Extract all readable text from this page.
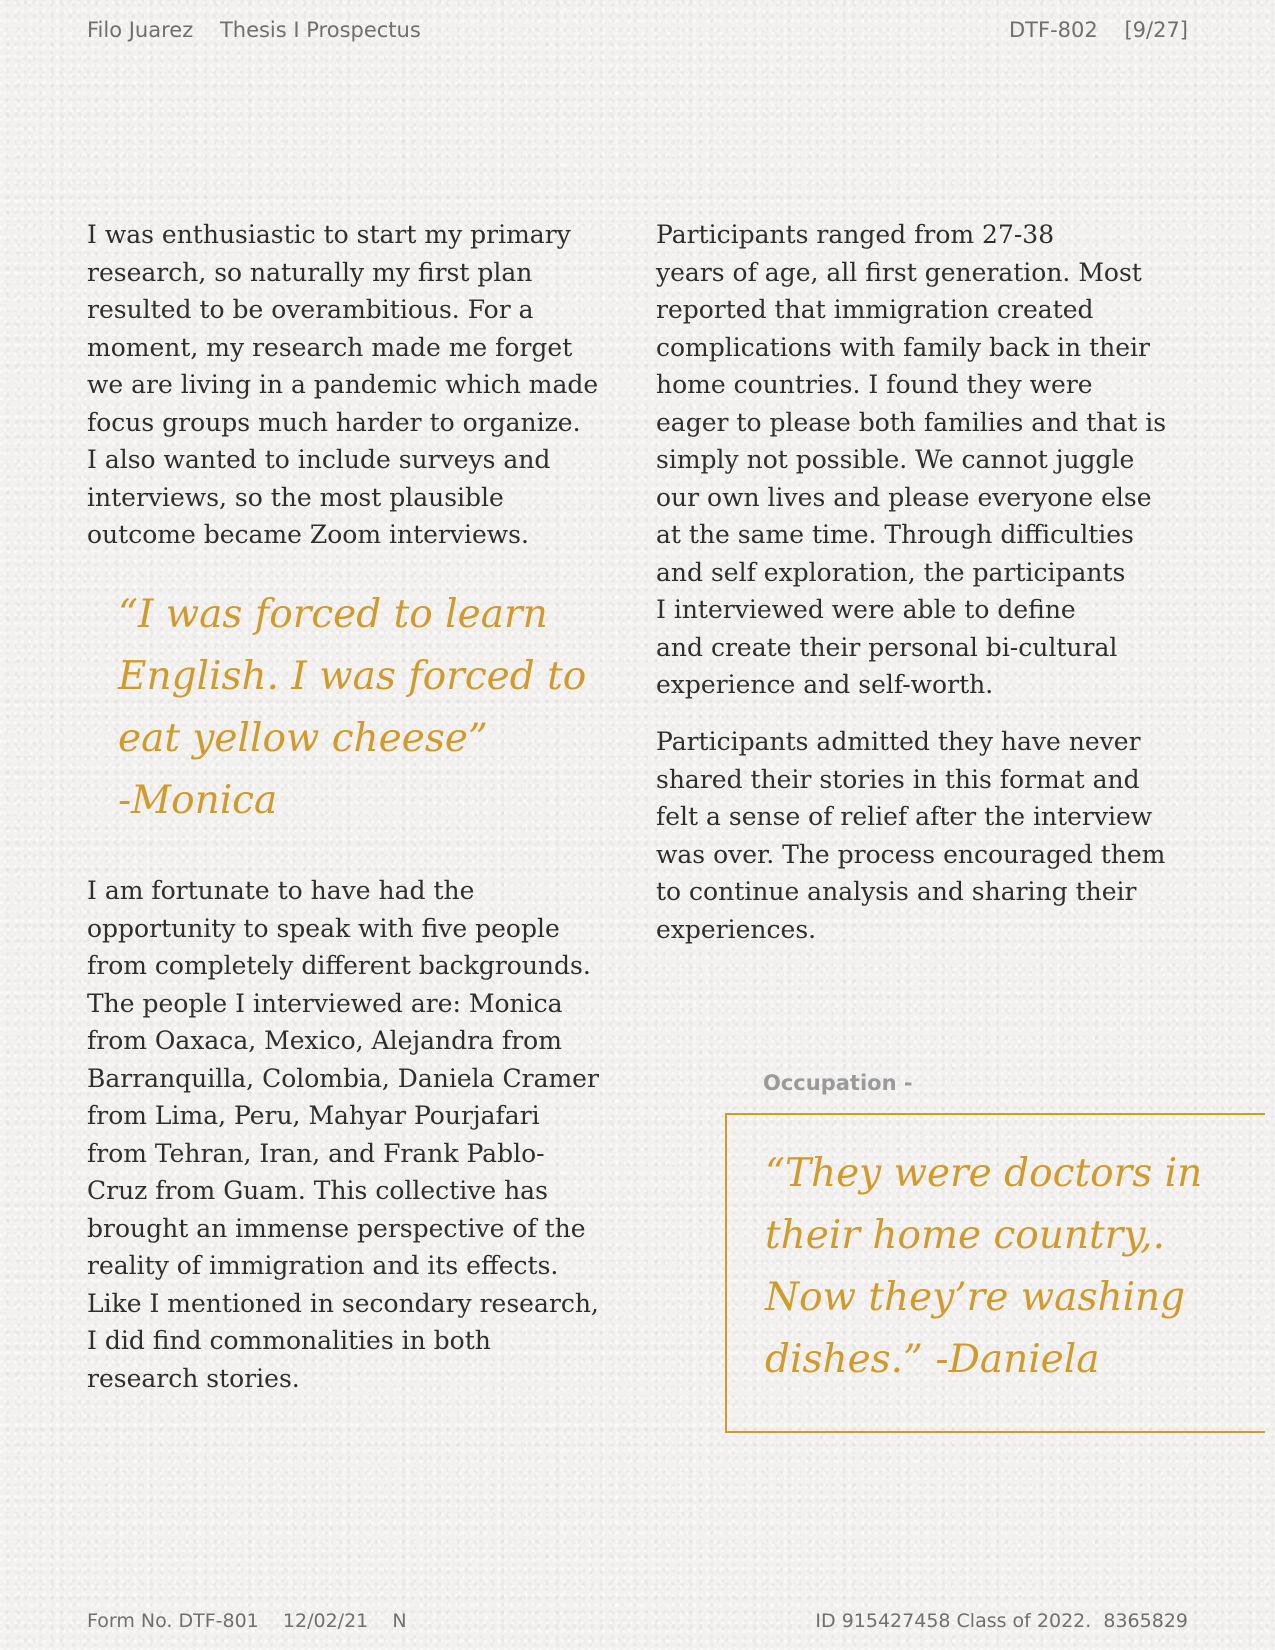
Filo Juarez Thesis I Prospectus	DTF-802 [9/27]

I was enthusiastic to start my primary
research, so naturally my first plan
resulted to be overambitious. For a
moment, my research made me forget
we are living in a pandemic which made
focus groups much harder to organize.
I also wanted to include surveys and
interviews, so the most plausible
outcome became Zoom interviews.

“I was forced to learn
English. I was forced to
eat yellow cheese”
-Monica

I am fortunate to have had the
opportunity to speak with five people
from completely different backgrounds.
The people I interviewed are: Monica
from Oaxaca, Mexico, Alejandra from
Barranquilla, Colombia, Daniela Cramer
from Lima, Peru, Mahyar Pourjafari
from Tehran, Iran, and Frank Pablo-
Cruz from Guam. This collective has
brought an immense perspective of the
reality of immigration and its effects.
Like I mentioned in secondary research,
I did find commonalities in both
research stories.

Participants ranged from 27-38
years of age, all first generation. Most
reported that immigration created
complications with family back in their
home countries. I found they were
eager to please both families and that is
simply not possible. We cannot juggle
our own lives and please everyone else
at the same time. Through difficulties
and self exploration, the participants
I interviewed were able to define
and create their personal bi-cultural
experience and self-worth.

Participants admitted they have never
shared their stories in this format and
felt a sense of relief after the interview
was over. The process encouraged them
to continue analysis and sharing their
experiences.

Occupation -

“They were doctors in
their home country,.
Now they’re washing
dishes.” -Daniela

Form No. DTF-801    12/02/21    N	ID 915427458 Class of 2022.  8365829
